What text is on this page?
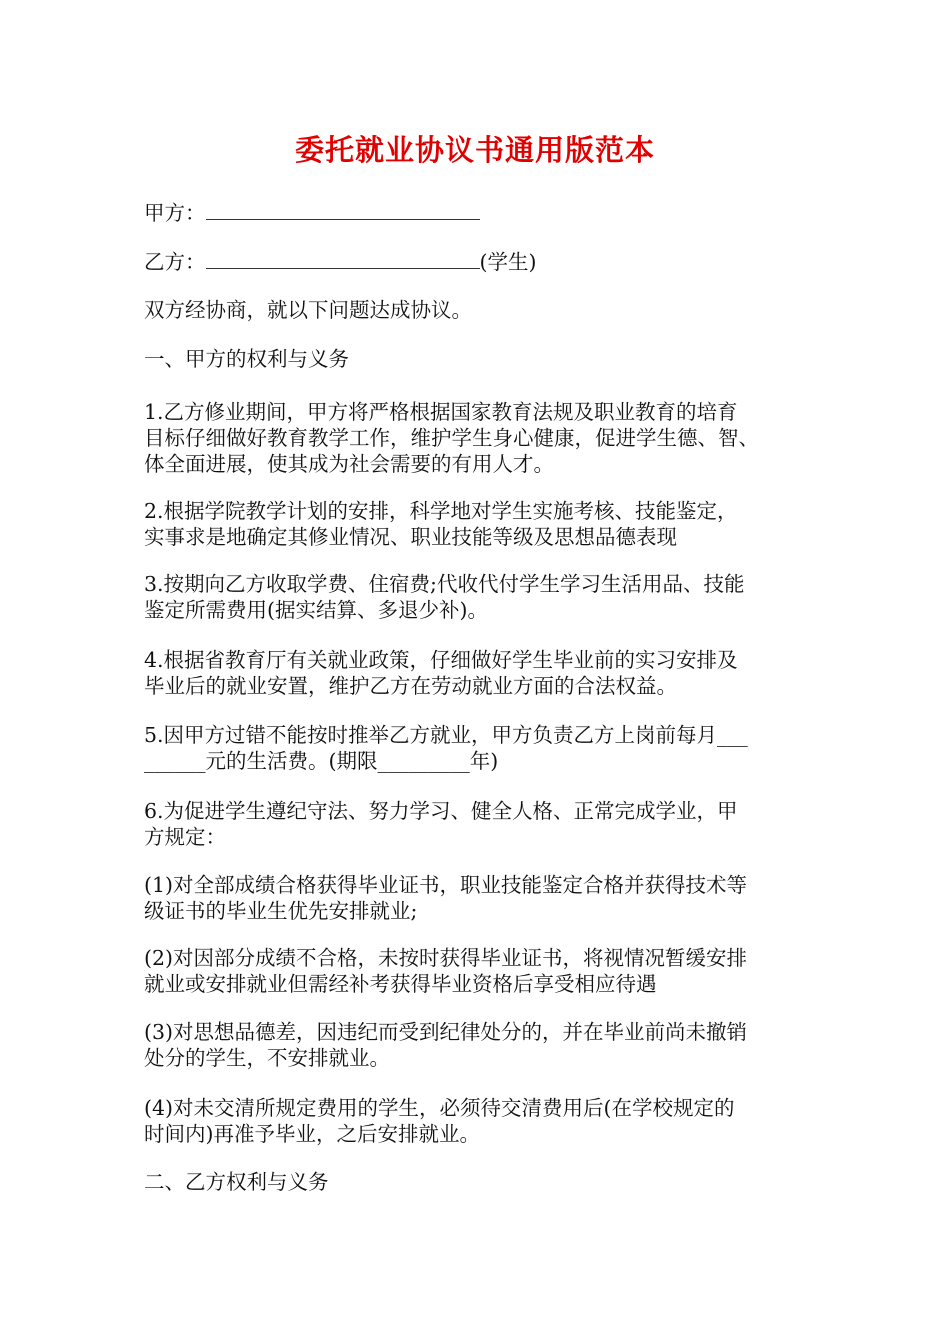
委托就业协议书通用版范本
甲方：
乙方：	(学生)
双方经协商，就以下问题达成协议。
一、甲方的权利与义务
1.乙方修业期间，甲方将严格根据国家教育法规及职业教育的培育
目标仔细做好教育教学工作，维护学生身心健康，促进学生德、智、
体全面进展，使其成为社会需要的有用人才。
2.根据学院教学计划的安排，科学地对学生实施考核、技能鉴定，
实事求是地确定其修业情况、职业技能等级及思想品德表现
3.按期向乙方收取学费、住宿费;代收代付学生学习生活用品、技能
鉴定所需费用(据实结算、多退少补)。
4.根据省教育厅有关就业政策，仔细做好学生毕业前的实习安排及
毕业后的就业安置，维护乙方在劳动就业方面的合法权益。
5.因甲方过错不能按时推举乙方就业，甲方负责乙方上岗前每月___
______元的生活费。(期限_________年)
6.为促进学生遵纪守法、努力学习、健全人格、正常完成学业，甲
方规定：
(1)对全部成绩合格获得毕业证书，职业技能鉴定合格并获得技术等
级证书的毕业生优先安排就业;
(2)对因部分成绩不合格，未按时获得毕业证书，将视情况暂缓安排
就业或安排就业但需经补考获得毕业资格后享受相应待遇
(3)对思想品德差，因违纪而受到纪律处分的，并在毕业前尚未撤销
处分的学生，不安排就业。
(4)对未交清所规定费用的学生，必须待交清费用后(在学校规定的
时间内)再准予毕业，之后安排就业。
二、乙方权利与义务
